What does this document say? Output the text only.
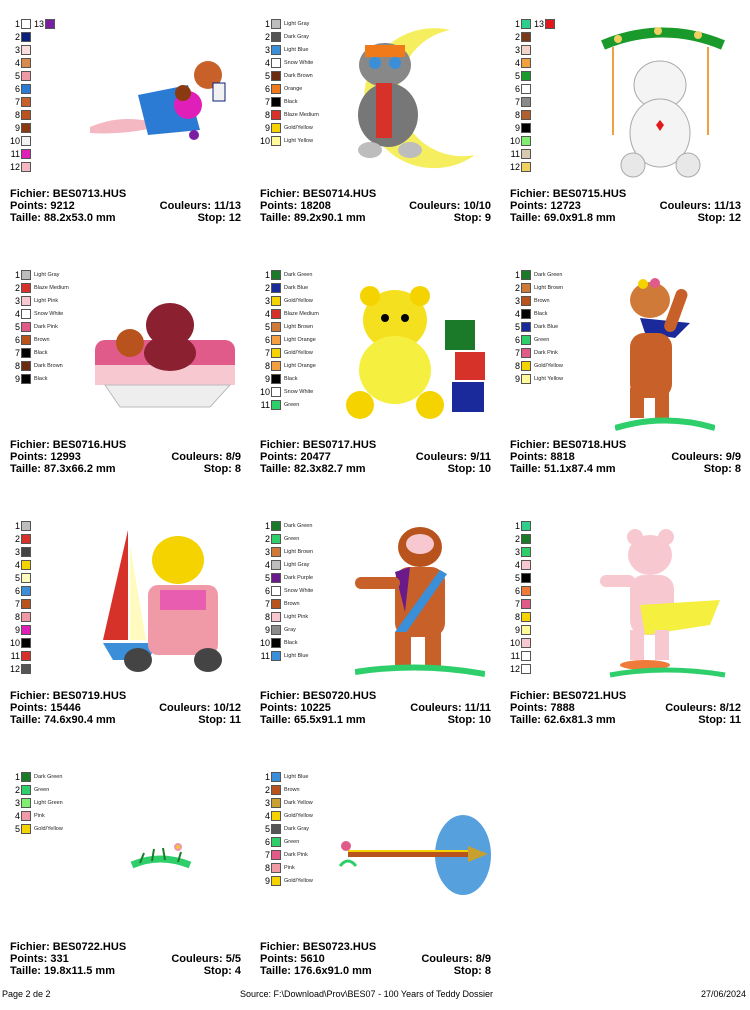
1 13
2
3
4
5
6
7
8
9
10
11
12
Fichier: BES0713.HUS
Points: 9212	Couleurs: 11/13
Taille: 88.2x53.0 mm	Stop: 12
1	Light Gray
2	Dark Gray
3	Light Blue
4	Snow White
5	Dark Brown
6	Orange
7	Black
8	Blaze Medium
9	Gold/Yellow
10	Light Yellow
Fichier: BES0714.HUS
Points: 18208	Couleurs: 10/10
Taille: 89.2x90.1 mm	Stop: 9
1 13
2
3
4
5
6
7
8
9
10
11
12
Fichier: BES0715.HUS
Points: 12723	Couleurs: 11/13
Taille: 69.0x91.8 mm	Stop: 12
1	Light Gray
2	Blaze Medium
3	Light Pink
4	Snow White
5	Dark Pink
6	Brown
7	Black
8	Dark Brown
9	Black
Fichier: BES0716.HUS
Points: 12993	Couleurs: 8/9
Taille: 87.3x66.2 mm	Stop: 8
1	Dark Green
2	Dark Blue
3	Gold/Yellow
4	Blaze Medium
5	Light Brown
6	Light Orange
7	Gold/Yellow
8	Light Orange
9	Black
10	Snow White
11	Green
Fichier: BES0717.HUS
Points: 20477	Couleurs: 9/11
Taille: 82.3x82.7 mm	Stop: 10
1	Dark Green
2	Light Brown
3	Brown
4	Black
5	Dark Blue
6	Green
7	Dark Pink
8	Gold/Yellow
9	Light Yellow
Fichier: BES0718.HUS
Points: 8818	Couleurs: 9/9
Taille: 51.1x87.4 mm	Stop: 8
1
2
3
4
5
6
7
8
9
10
11
12
Fichier: BES0719.HUS
Points: 15446	Couleurs: 10/12
Taille: 74.6x90.4 mm	Stop: 11
1	Dark Green
2	Green
3	Light Brown
4	Light Gray
5	Dark Purple
6	Snow White
7	Brown
8	Light Pink
9	Gray
10	Black
11	Light Blue
Fichier: BES0720.HUS
Points: 10225	Couleurs: 11/11
Taille: 65.5x91.1 mm	Stop: 10
1
2
3
4
5
6
7
8
9
10
11
12
Fichier: BES0721.HUS
Points: 7888	Couleurs: 8/12
Taille: 62.6x81.3 mm	Stop: 11
1	Dark Green
2	Green
3	Light Green
4	Pink
5	Gold/Yellow
Fichier: BES0722.HUS
Points: 331	Couleurs: 5/5
Taille: 19.8x11.5 mm	Stop: 4
1	Light Blue
2	Brown
3	Dark Yellow
4	Gold/Yellow
5	Dark Gray
6	Green
7	Dark Pink
8	Pink
9	Gold/Yellow
Fichier: BES0723.HUS
Points: 5610	Couleurs: 8/9
Taille: 176.6x91.0 mm	Stop: 8
Page 2 de 2	Source: F:\Download\Prov\BES07 - 100 Years of Teddy Dossier	27/06/2024
